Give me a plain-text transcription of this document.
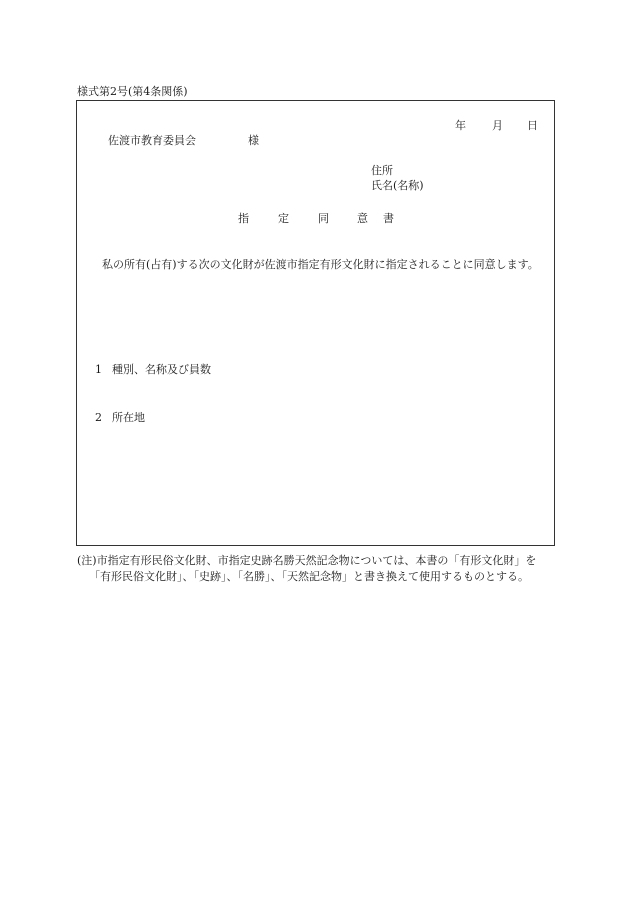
様式第2号(第4条関係)
年 月 日
佐渡市教育委員会	様
住所
氏名(名称)
指	定	同	意 書
私の所有(占有)する次の文化財が佐渡市指定有形文化財に指定されることに同意します。
1 種別、名称及び員数
2 所在地
(注)市指定有形民俗文化財、市指定史跡名勝天然記念物については、本書の「有形文化財」を「有形民俗文化財」、「史跡」、「名勝」、「天然記念物」と書き換えて使用するものとする。
